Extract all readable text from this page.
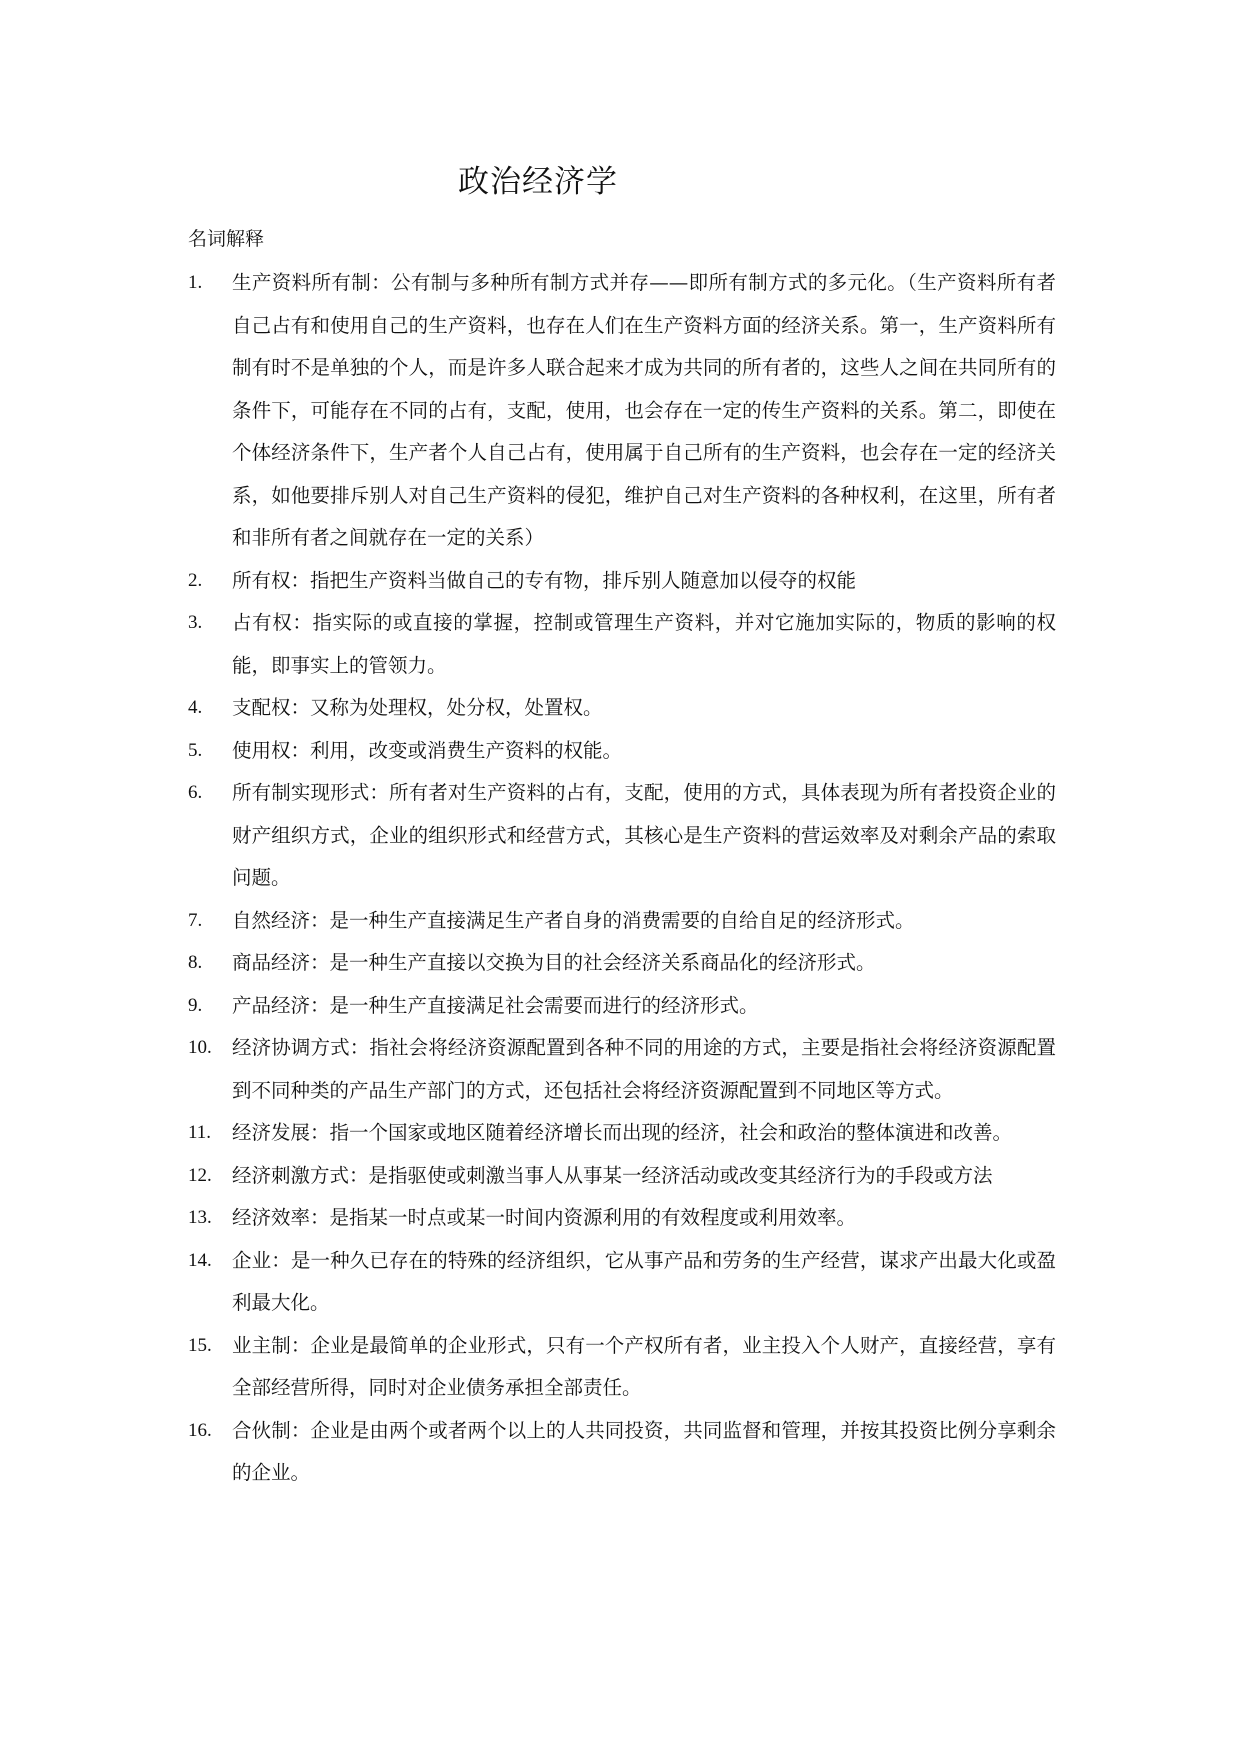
政治经济学
名词解释
1. 生产资料所有制：公有制与多种所有制方式并存——即所有制方式的多元化。（生产资料所有者自己占有和使用自己的生产资料，也存在人们在生产资料方面的经济关系。第一，生产资料所有制有时不是单独的个人，而是许多人联合起来才成为共同的所有者的，这些人之间在共同所有的条件下，可能存在不同的占有，支配，使用，也会存在一定的传生产资料的关系。第二，即使在个体经济条件下，生产者个人自己占有，使用属于自己所有的生产资料，也会存在一定的经济关系，如他要排斥别人对自己生产资料的侵犯，维护自己对生产资料的各种权利，在这里，所有者和非所有者之间就存在一定的关系）
2. 所有权：指把生产资料当做自己的专有物，排斥别人随意加以侵夺的权能
3. 占有权：指实际的或直接的掌握，控制或管理生产资料，并对它施加实际的，物质的影响的权能，即事实上的管领力。
4. 支配权：又称为处理权，处分权，处置权。
5. 使用权：利用，改变或消费生产资料的权能。
6. 所有制实现形式：所有者对生产资料的占有，支配，使用的方式，具体表现为所有者投资企业的财产组织方式，企业的组织形式和经营方式，其核心是生产资料的营运效率及对剩余产品的索取问题。
7. 自然经济：是一种生产直接满足生产者自身的消费需要的自给自足的经济形式。
8. 商品经济：是一种生产直接以交换为目的社会经济关系商品化的经济形式。
9. 产品经济：是一种生产直接满足社会需要而进行的经济形式。
10. 经济协调方式：指社会将经济资源配置到各种不同的用途的方式，主要是指社会将经济资源配置到不同种类的产品生产部门的方式，还包括社会将经济资源配置到不同地区等方式。
11. 经济发展：指一个国家或地区随着经济增长而出现的经济，社会和政治的整体演进和改善。
12. 经济刺激方式：是指驱使或刺激当事人从事某一经济活动或改变其经济行为的手段或方法
13. 经济效率：是指某一时点或某一时间内资源利用的有效程度或利用效率。
14. 企业：是一种久已存在的特殊的经济组织，它从事产品和劳务的生产经营，谋求产出最大化或盈利最大化。
15. 业主制：企业是最简单的企业形式，只有一个产权所有者，业主投入个人财产，直接经营，享有全部经营所得，同时对企业债务承担全部责任。
16. 合伙制：企业是由两个或者两个以上的人共同投资，共同监督和管理，并按其投资比例分享剩余的企业。
